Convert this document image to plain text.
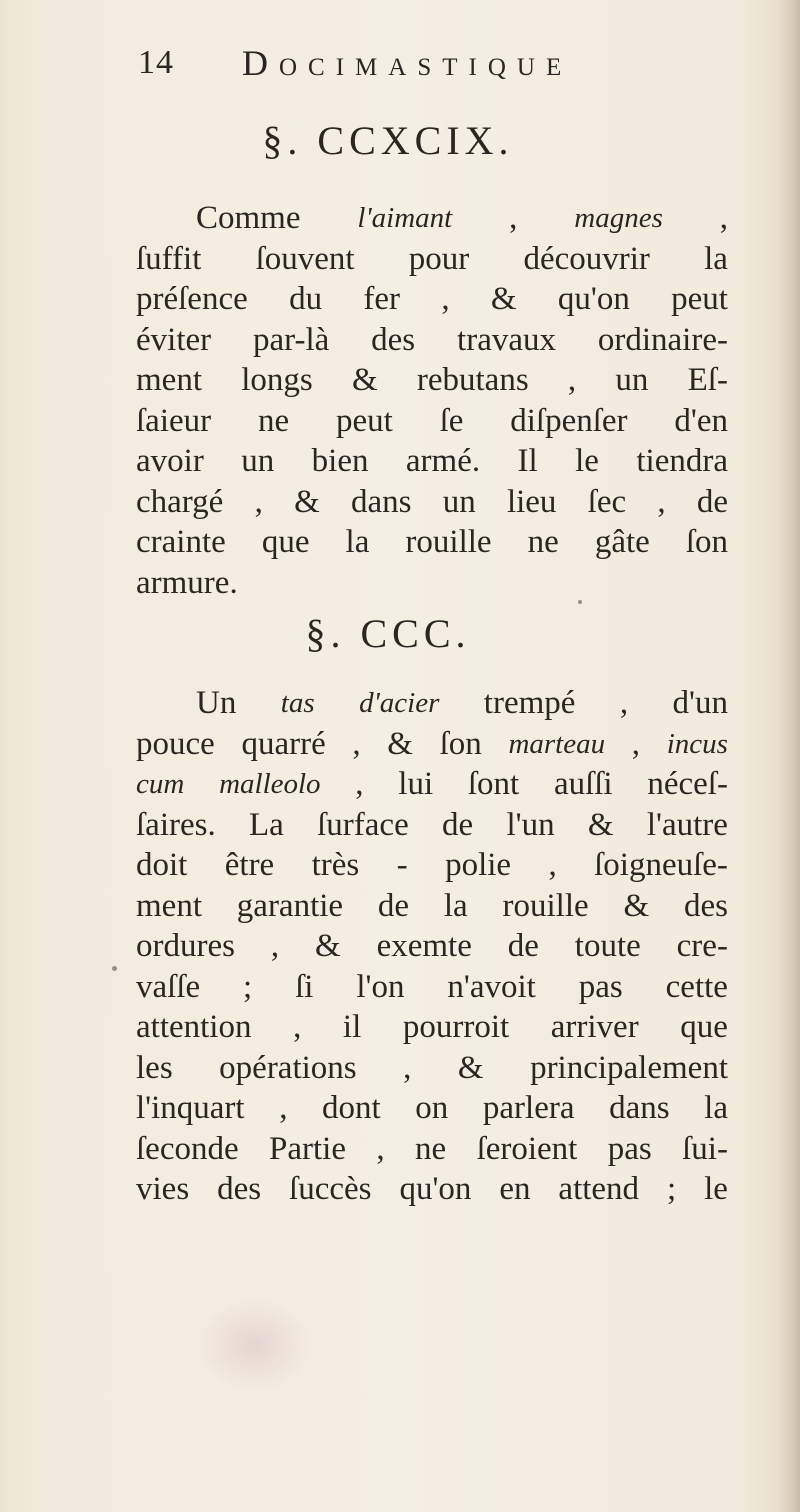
14 Docimastique
§. CCXCIX.
Comme l'aimant , magnes ,
ſuffit ſouvent pour découvrir la
préſence du fer , & qu'on peut
éviter par-là des travaux ordinaire-
ment longs & rebutans , un Eſ-
ſaieur ne peut ſe diſpenſer d'en
avoir un bien armé. Il le tiendra
chargé , & dans un lieu ſec , de
crainte que la rouille ne gâte ſon
armure.
§. CCC.
Un tas d'acier trempé , d'un
pouce quarré , & ſon marteau , incus
cum malleolo , lui ſont auſſi néceſ-
ſaires. La ſurface de l'un & l'autre
doit être très - polie , ſoigneuſe-
ment garantie de la rouille & des
ordures , & exemte de toute cre-
vaſſe ; ſi l'on n'avoit pas cette
attention , il pourroit arriver que
les opérations , & principalement
l'inquart , dont on parlera dans la
ſeconde Partie , ne ſeroient pas ſui-
vies des ſuccès qu'on en attend ; le
